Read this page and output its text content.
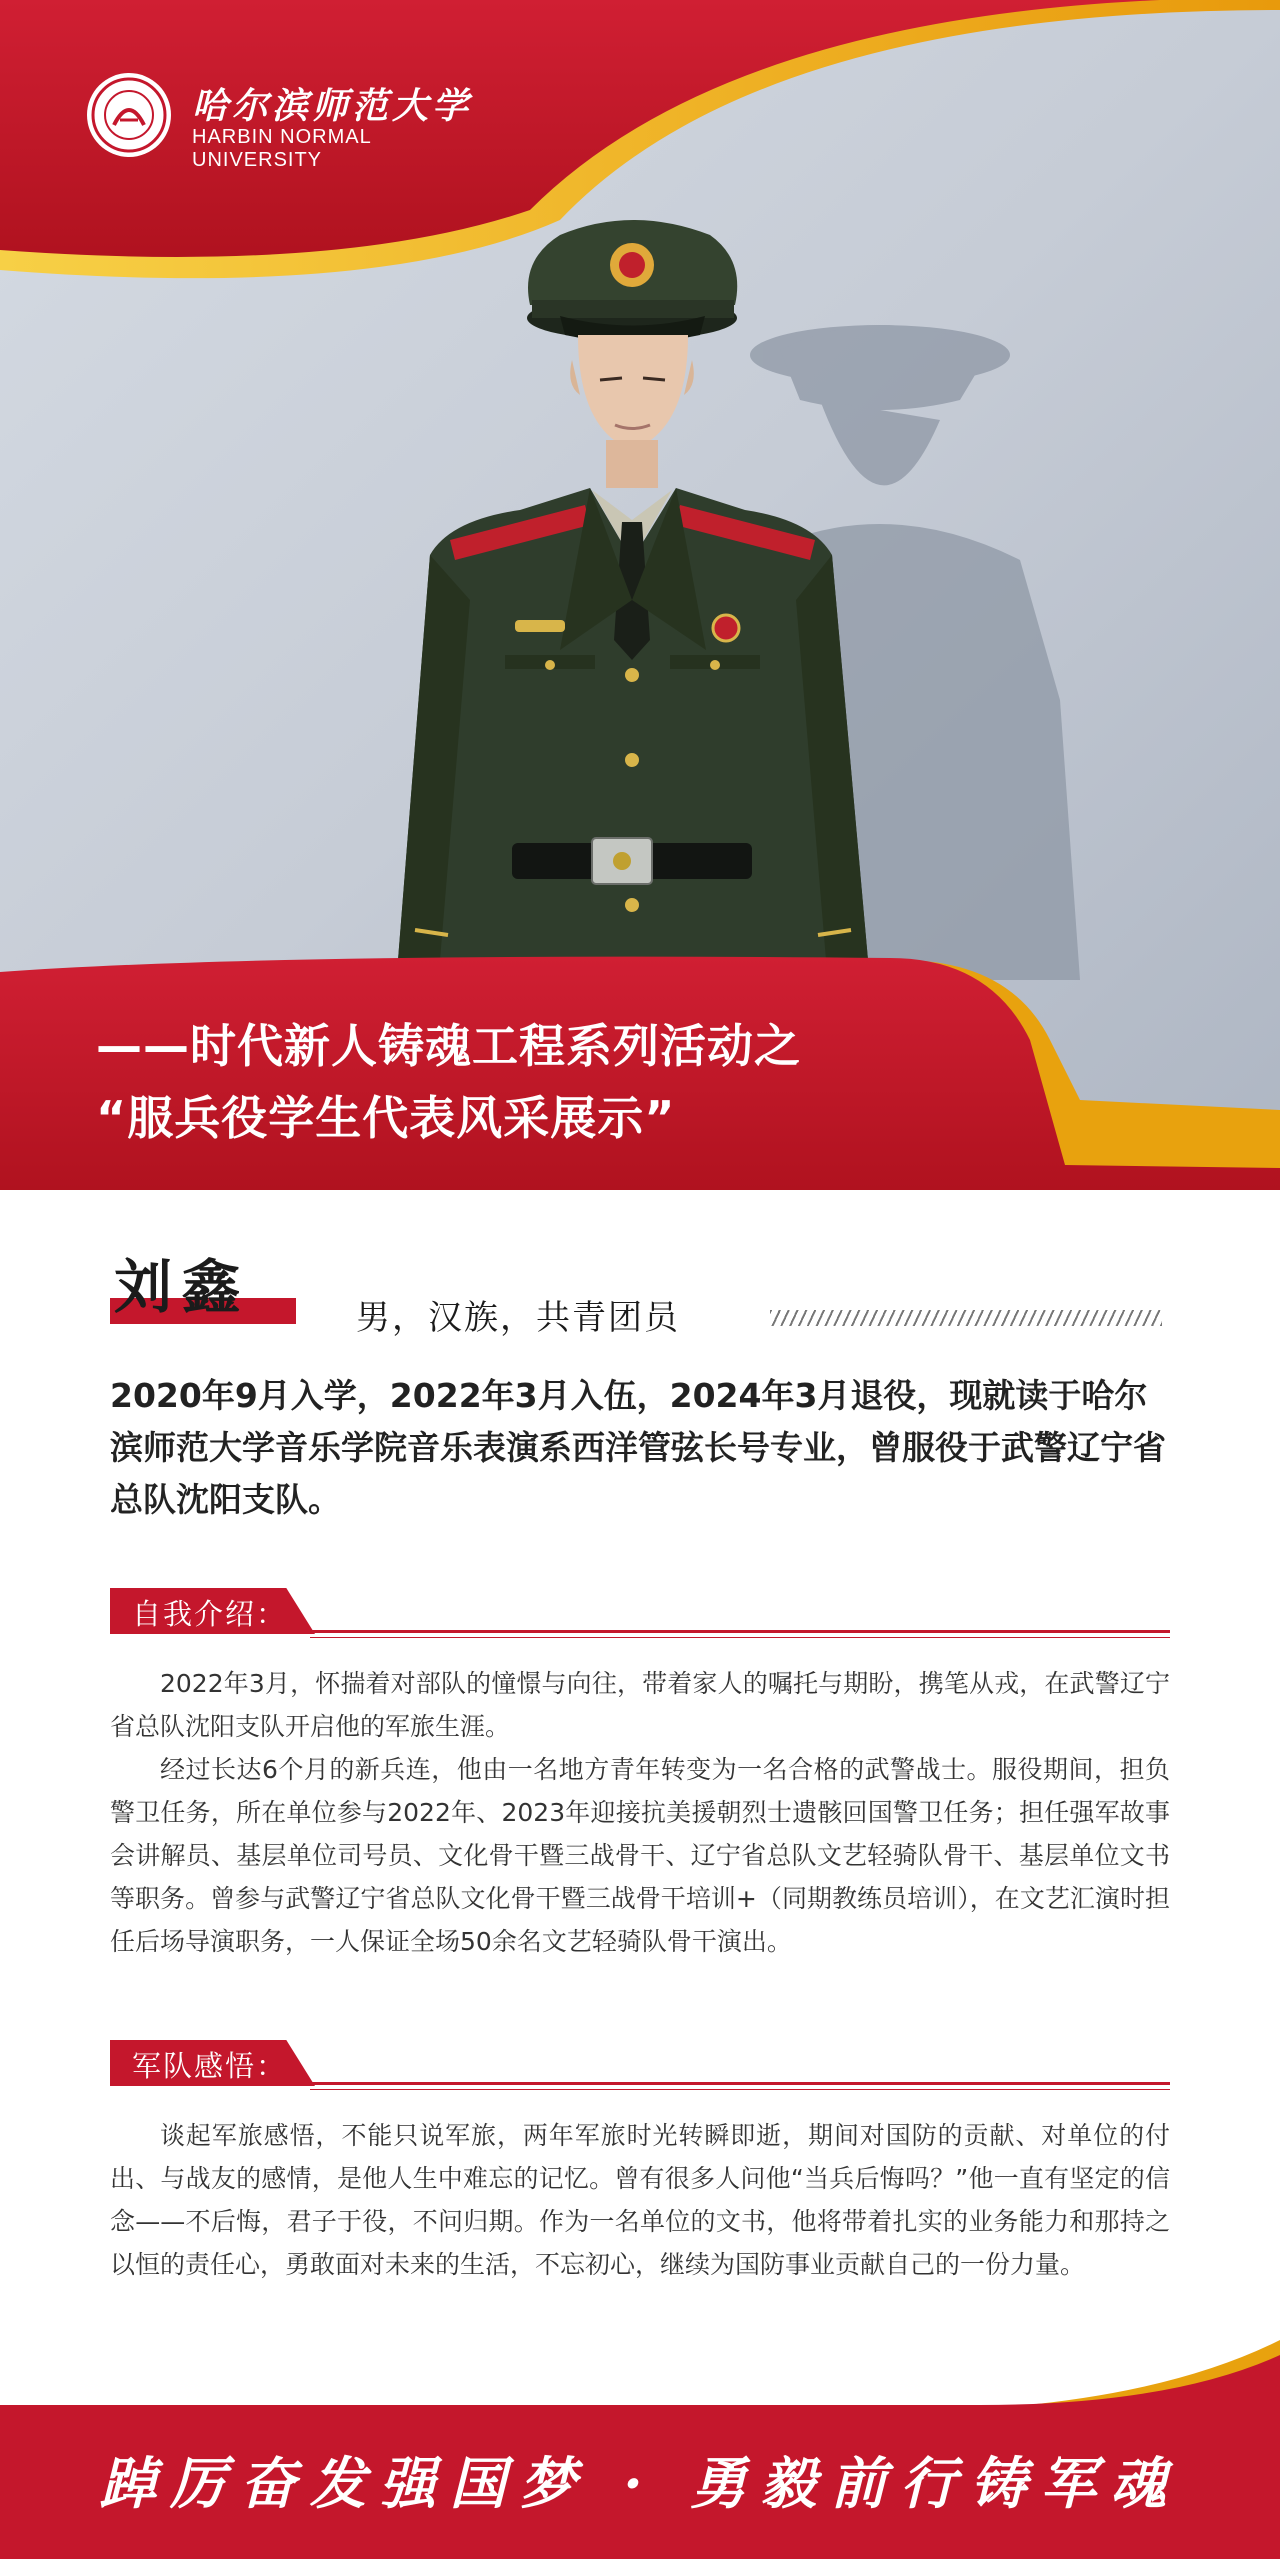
哈尔滨师范大学
HARBIN NORMAL UNIVERSITY
——时代新人铸魂工程系列活动之
“服兵役学生代表风采展示”
刘鑫	男，汉族，共青团员
2020年9月入学，2022年3月入伍，2024年3月退役，现就读于哈尔滨师范大学音乐学院音乐表演系西洋管弦长号专业，曾服役于武警辽宁省总队沈阳支队。
自我介绍：
2022年3月，怀揣着对部队的憧憬与向往，带着家人的嘱托与期盼，携笔从戎，在武警辽宁省总队沈阳支队开启他的军旅生涯。
经过长达6个月的新兵连，他由一名地方青年转变为一名合格的武警战士。服役期间，担负警卫任务，所在单位参与2022年、2023年迎接抗美援朝烈士遗骸回国警卫任务；担任强军故事会讲解员、基层单位司号员、文化骨干暨三战骨干、辽宁省总队文艺轻骑队骨干、基层单位文书等职务。曾参与武警辽宁省总队文化骨干暨三战骨干培训+（同期教练员培训），在文艺汇演时担任后场导演职务，一人保证全场50余名文艺轻骑队骨干演出。
军队感悟：
谈起军旅感悟，不能只说军旅，两年军旅时光转瞬即逝，期间对国防的贡献、对单位的付出、与战友的感情，是他人生中难忘的记忆。曾有很多人问他“当兵后悔吗？”他一直有坚定的信念——不后悔，君子于役，不问归期。作为一名单位的文书，他将带着扎实的业务能力和那持之以恒的责任心，勇敢面对未来的生活，不忘初心，继续为国防事业贡献自己的一份力量。
踔厉奋发强国梦 · 勇毅前行铸军魂
